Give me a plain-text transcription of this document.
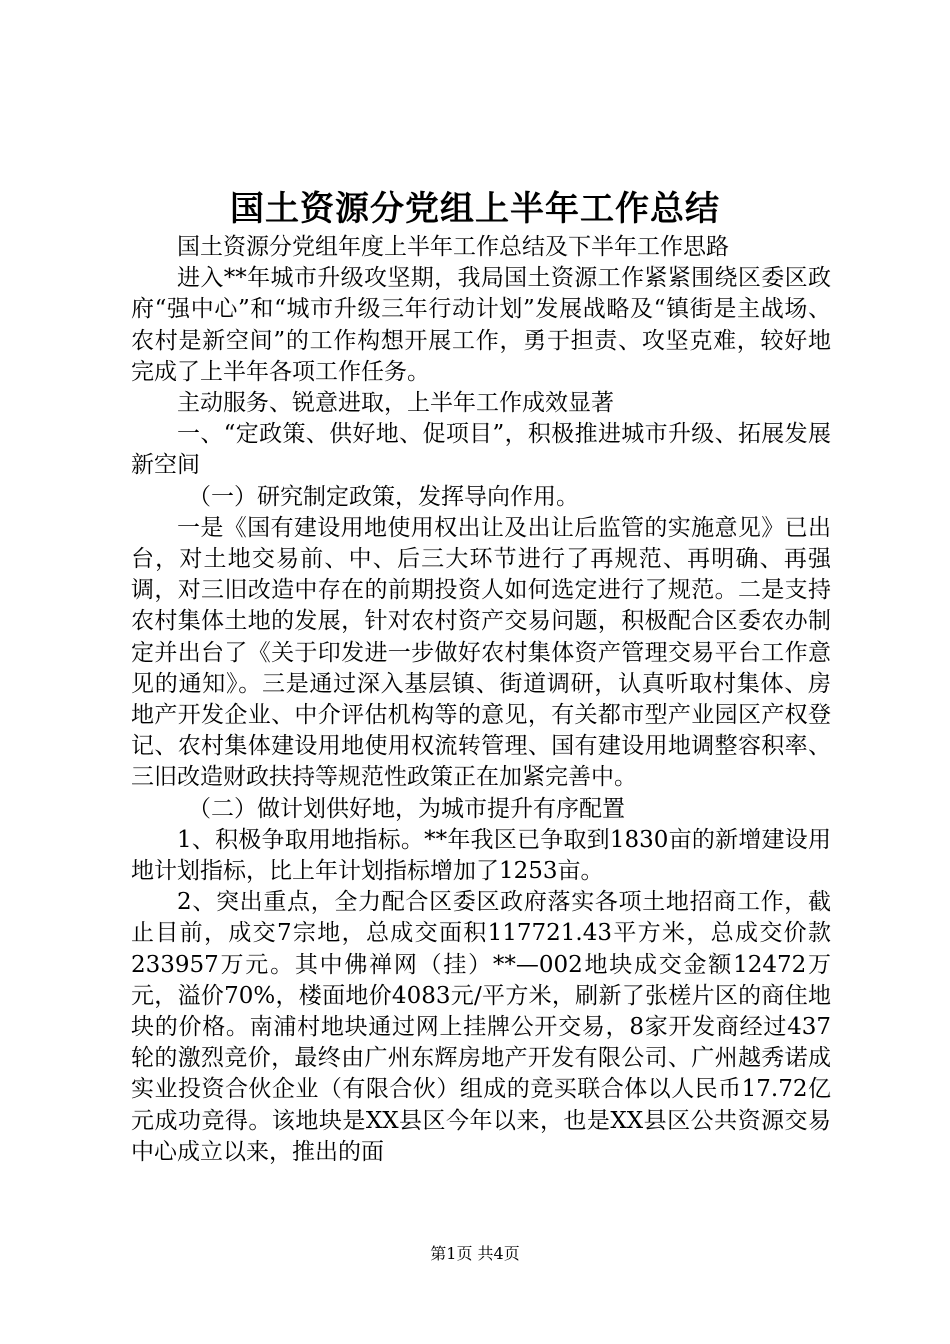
国土资源分党组上半年工作总结

国土资源分党组年度上半年工作总结及下半年工作思路

进入**年城市升级攻坚期，我局国土资源工作紧紧围绕区委区政府“强中心”和“城市升级三年行动计划”发展战略及“镇街是主战场、农村是新空间”的工作构想开展工作，勇于担责、攻坚克难，较好地完成了上半年各项工作任务。

主动服务、锐意进取，上半年工作成效显著

一、“定政策、供好地、促项目”，积极推进城市升级、拓展发展新空间

（一）研究制定政策，发挥导向作用。

一是《国有建设用地使用权出让及出让后监管的实施意见》已出台，对土地交易前、中、后三大环节进行了再规范、再明确、再强调，对三旧改造中存在的前期投资人如何选定进行了规范。二是支持农村集体土地的发展，针对农村资产交易问题，积极配合区委农办制定并出台了《关于印发进一步做好农村集体资产管理交易平台工作意见的通知》。三是通过深入基层镇、街道调研，认真听取村集体、房地产开发企业、中介评估机构等的意见，有关都市型产业园区产权登记、农村集体建设用地使用权流转管理、国有建设用地调整容积率、三旧改造财政扶持等规范性政策正在加紧完善中。

（二）做计划供好地，为城市提升有序配置

1、积极争取用地指标。**年我区已争取到1830亩的新增建设用地计划指标，比上年计划指标增加了1253亩。

2、突出重点，全力配合区委区政府落实各项土地招商工作，截止目前，成交7宗地，总成交面积117721.43平方米，总成交价款233957万元。其中佛禅网（挂）**—002地块成交金额12472万元，溢价70%，楼面地价4083元/平方米，刷新了张槎片区的商住地块的价格。南浦村地块通过网上挂牌公开交易，8家开发商经过437轮的激烈竞价，最终由广州东辉房地产开发有限公司、广州越秀诺成实业投资合伙企业（有限合伙）组成的竞买联合体以人民币17.72亿元成功竞得。该地块是XX县区今年以来，也是XX县区公共资源交易中心成立以来，推出的面

第1页 共4页
